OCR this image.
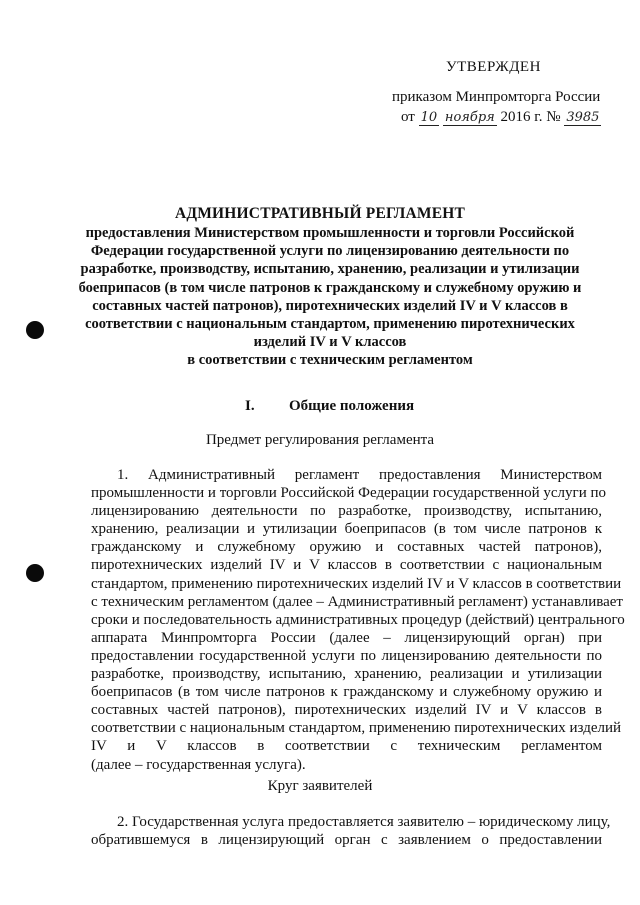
УТВЕРЖДЕН
приказом Минпромторга России
от 10 ноября 2016 г. № 3985
АДМИНИСТРАТИВНЫЙ РЕГЛАМЕНТ
предоставления Министерством промышленности и торговли Российской
Федерации государственной услуги по лицензированию деятельности по
разработке, производству, испытанию, хранению, реализации и утилизации
боеприпасов (в том числе патронов к гражданскому и служебному оружию и
составных частей патронов), пиротехнических изделий IV и V классов в
соответствии с национальным стандартом, применению пиротехнических
изделий IV и V классов
в соответствии с техническим регламентом
I. Общие положения
Предмет регулирования регламента
1. Административный регламент предоставления Министерством
промышленности и торговли Российской Федерации государственной услуги по
лицензированию деятельности по разработке, производству, испытанию,
хранению, реализации и утилизации боеприпасов (в том числе патронов к
гражданскому и служебному оружию и составных частей патронов),
пиротехнических изделий IV и V классов в соответствии с национальным
стандартом, применению пиротехнических изделий IV и V классов в соответствии
с техническим регламентом (далее – Административный регламент) устанавливает
сроки и последовательность административных процедур (действий) центрального
аппарата Минпромторга России (далее – лицензирующий орган) при
предоставлении государственной услуги по лицензированию деятельности по
разработке, производству, испытанию, хранению, реализации и утилизации
боеприпасов (в том числе патронов к гражданскому и служебному оружию и
составных частей патронов), пиротехнических изделий IV и V классов в
соответствии с национальным стандартом, применению пиротехнических изделий
IV и V классов в соответствии с техническим регламентом
(далее – государственная услуга).
Круг заявителей
2. Государственная услуга предоставляется заявителю – юридическому лицу,
обратившемуся в лицензирующий орган с заявлением о предоставлении
